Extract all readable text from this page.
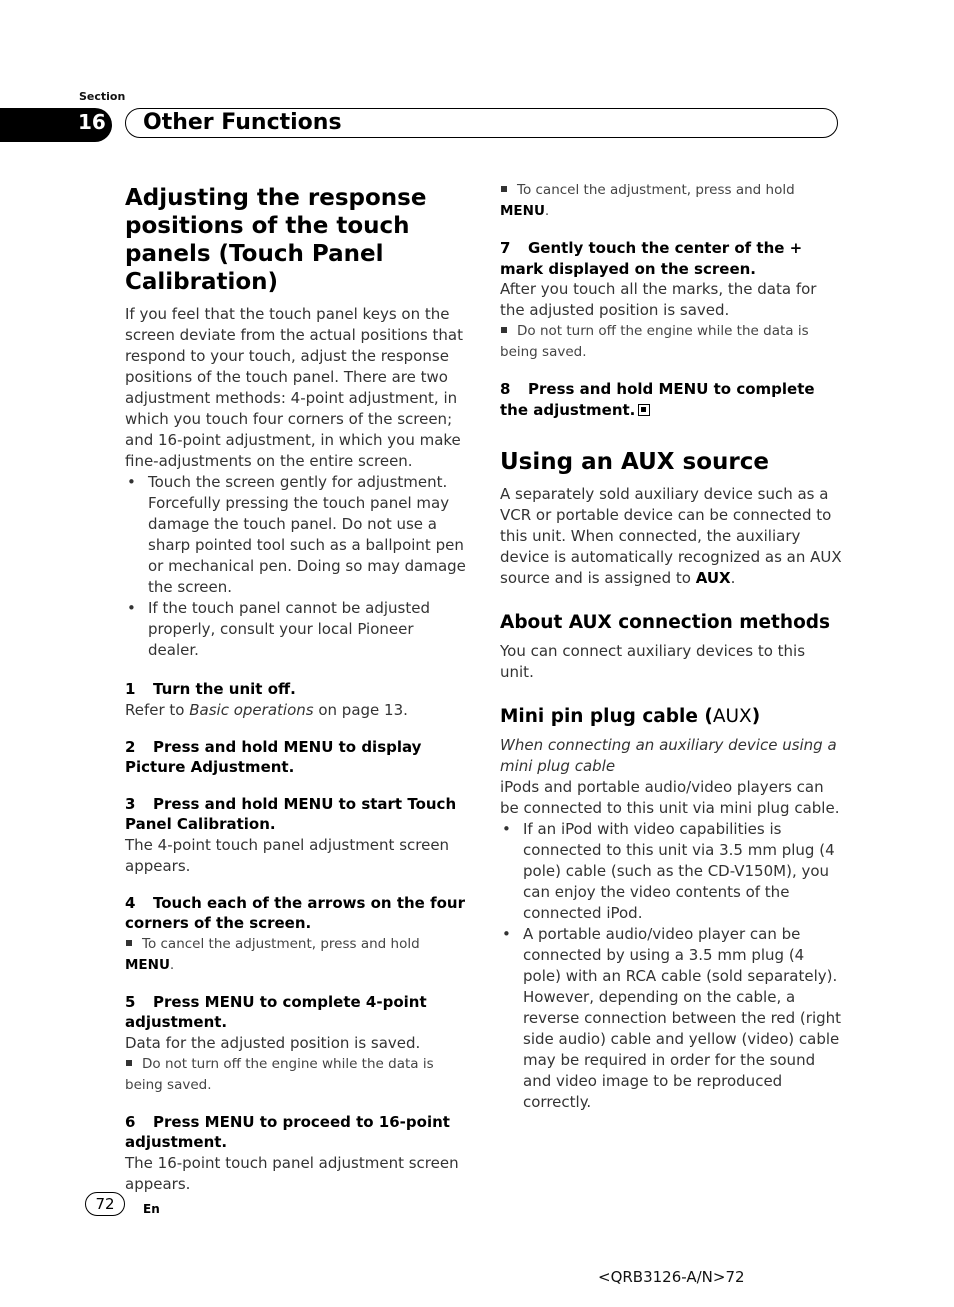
Section
16 Other Functions
Adjusting the response positions of the touch panels (Touch Panel Calibration)

If you feel that the touch panel keys on the screen deviate from the actual positions that respond to your touch, adjust the response positions of the touch panel. There are two adjustment methods: 4-point adjustment, in which you touch four corners of the screen; and 16-point adjustment, in which you make fine-adjustments on the entire screen.

• Touch the screen gently for adjustment. Forcefully pressing the touch panel may damage the touch panel. Do not use a sharp pointed tool such as a ballpoint pen or mechanical pen. Doing so may damage the screen.
• If the touch panel cannot be adjusted properly, consult your local Pioneer dealer.
1 Turn the unit off.

Refer to Basic operations on page 13.

2 Press and hold MENU to display Picture Adjustment.
3 Press and hold MENU to start Touch Panel Calibration.

The 4-point touch panel adjustment screen appears.

4 Touch each of the arrows on the four corners of the screen.

To cancel the adjustment, press and hold MENU.

5 Press MENU to complete 4-point adjustment.

Data for the adjusted position is saved.

Do not turn off the engine while the data is being saved.

6 Press MENU to proceed to 16-point adjustment.

The 16-point touch panel adjustment screen appears.

To cancel the adjustment, press and hold MENU.

7 Gently touch the center of the + mark displayed on the screen.

After you touch all the marks, the data for the adjusted position is saved.

Do not turn off the engine while the data is being saved.

8 Press and hold MENU to complete the adjustment.
Using an AUX source

A separately sold auxiliary device such as a VCR or portable device can be connected to this unit. When connected, the auxiliary device is automatically recognized as an AUX source and is assigned to AUX.

About AUX connection methods

You can connect auxiliary devices to this unit.

Mini pin plug cable (AUX)

When connecting an auxiliary device using a mini plug cable

iPods and portable audio/video players can be connected to this unit via mini plug cable.

• If an iPod with video capabilities is connected to this unit via 3.5 mm plug (4 pole) cable (such as the CD-V150M), you can enjoy the video contents of the connected iPod.
• A portable audio/video player can be connected by using a 3.5 mm plug (4 pole) with an RCA cable (sold separately). However, depending on the cable, a reverse connection between the red (right side audio) cable and yellow (video) cable may be required in order for the sound and video image to be reproduced correctly.
72	En
<QRB3126-A/N>72
